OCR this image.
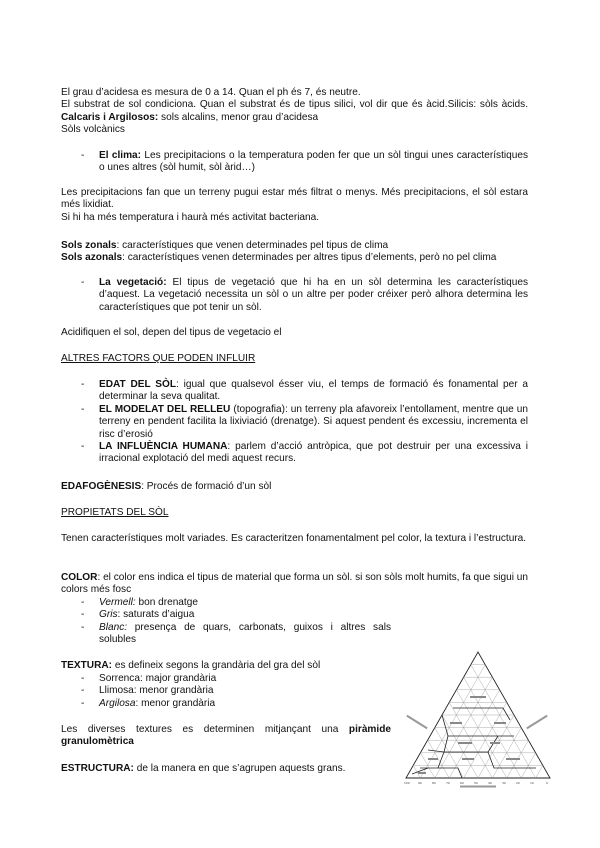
El grau d’acidesa es mesura de 0 a 14. Quan el ph és 7, és neutre.

El substrat de sol condiciona. Quan el substrat és de tipus silici, vol dir que és àcid.Silicis: sòls àcids. Calcaris i Argilosos: sols alcalins, menor grau d’acidesa

Sòls volcànics

- El clima: Les precipitacions o la temperatura poden fer que un sòl tingui unes característiques o unes altres (sòl humit, sòl àrid…)

Les precipitacions fan que un terreny pugui estar més filtrat o menys. Més precipitacions, el sòl estara més lixidiat.

Si hi ha més temperatura i haurà més activitat bacteriana.

Sols zonals: característiques que venen determinades pel tipus de clima

Sols azonals: característiques venen determinades per altres tipus d’elements, però no pel clima

- La vegetació: El tipus de vegetació que hi ha en un sòl determina les característiques d’aquest. La vegetació necessita un sòl o un altre per poder créixer però alhora determina les característiques que pot tenir un sòl.

Acidifiquen el sol, depen del tipus de vegetacio el

ALTRES FACTORS QUE PODEN INFLUIR

- EDAT DEL SÒL: igual que qualsevol ésser viu, el temps de formació és fonamental per a determinar la seva qualitat.

- EL MODELAT DEL RELLEU (topografia): un terreny pla afavoreix l’entollament, mentre que un terreny en pendent facilita la lixiviació (drenatge). Si aquest pendent és excessiu, incrementa el risc d’erosió

- LA INFLUÈNCIA HUMANA: parlem d’acció antròpica, que pot destruir per una excessiva i irracional explotació del medi aquest recurs.

EDAFOGÈNESIS: Procés de formació d’un sòl

PROPIETATS DEL SÒL

Tenen característiques molt variades. Es caracteritzen fonamentalment pel color, la textura i l’estructura.

COLOR: el color ens indica el tipus de material que forma un sòl. si son sòls molt humits, fa que sigui un colors més fosc

- Vermell: bon drenatge

- Gris: saturats d’aigua

- Blanc: presença de quars, carbonats, guixos i altres sals solubles

TEXTURA: es defineix segons la grandària del gra del sòl

- Sorrenca: major grandària

- Llimosa: menor grandària

- Argilosa: menor grandària

Les diverses textures es determinen mitjançant una piràmide granulomètrica

ESTRUCTURA: de la manera en que s’agrupen aquests grans.

100	90	80	70	60	50	40	30	20	10	0
